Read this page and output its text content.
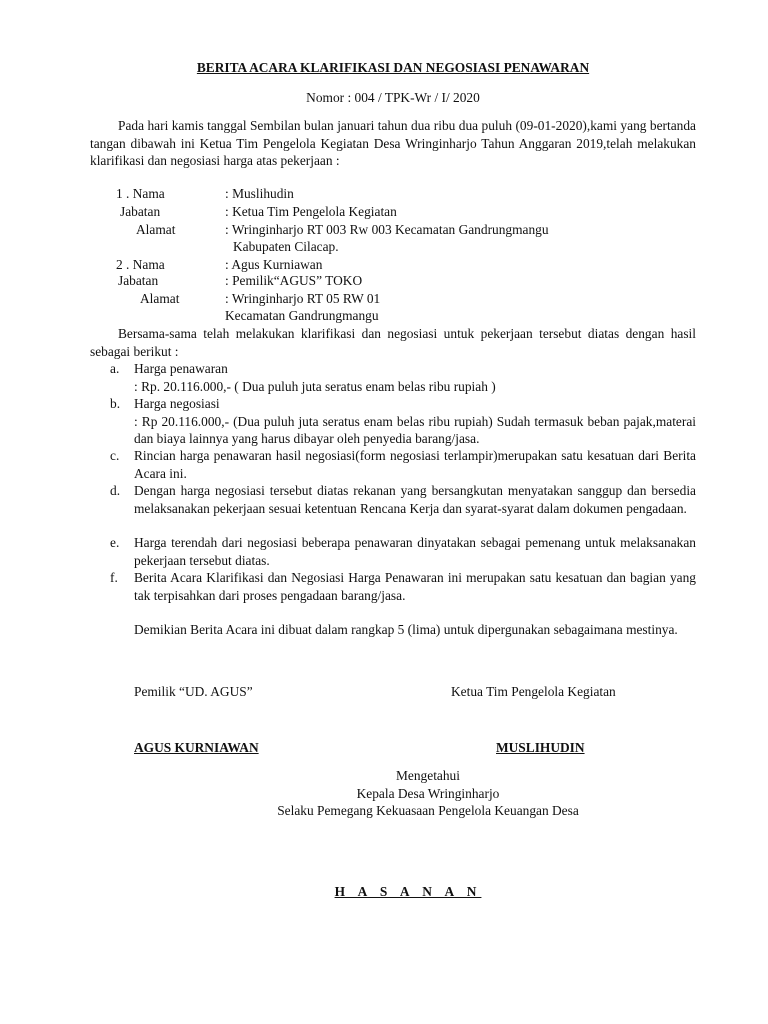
BERITA ACARA KLARIFIKASI DAN NEGOSIASI PENAWARAN
Nomor : 004 / TPK-Wr / I/ 2020

Pada hari kamis tanggal Sembilan bulan januari tahun dua ribu dua puluh (09-01-2020),kami yang bertanda tangan dibawah ini Ketua Tim Pengelola Kegiatan Desa Wringinharjo Tahun Anggaran 2019,telah melakukan klarifikasi dan negosiasi harga atas pekerjaan :

1 . Nama	: Muslihudin
Jabatan	: Ketua Tim Pengelola Kegiatan
Alamat	: Wringinharjo RT 003 Rw 003 Kecamatan Gandrungmangu
Kabupaten Cilacap.
2 . Nama	: Agus Kurniawan
Jabatan	: Pemilik“AGUS” TOKO
Alamat	: Wringinharjo RT 05 RW 01
Kecamatan Gandrungmangu

Bersama-sama telah melakukan klarifikasi dan negosiasi untuk pekerjaan tersebut diatas dengan hasil sebagai berikut :

a. Harga penawaran

: Rp. 20.116.000,- ( Dua puluh juta seratus enam belas ribu rupiah )

b. Harga negosiasi

: Rp 20.116.000,- (Dua puluh juta seratus enam belas ribu rupiah) Sudah termasuk beban pajak,materai dan biaya lainnya yang harus dibayar oleh penyedia barang/jasa.

c. Rincian harga penawaran hasil negosiasi(form negosiasi terlampir)merupakan satu kesatuan dari Berita Acara ini.

d. Dengan harga negosiasi tersebut diatas rekanan yang bersangkutan menyatakan sanggup dan bersedia melaksanakan pekerjaan sesuai ketentuan Rencana Kerja dan syarat-syarat dalam dokumen pengadaan.

e. Harga terendah dari negosiasi beberapa penawaran dinyatakan sebagai pemenang untuk melaksanakan pekerjaan tersebut diatas.

f. Berita Acara Klarifikasi dan Negosiasi Harga Penawaran ini merupakan satu kesatuan dan bagian yang tak terpisahkan dari proses pengadaan barang/jasa.

Demikian Berita Acara ini dibuat dalam rangkap 5 (lima) untuk dipergunakan sebagaimana mestinya.

Pemilik “UD. AGUS”	Ketua Tim Pengelola Kegiatan
AGUS KURNIAWAN	MUSLIHUDIN
Mengetahui
Kepala Desa Wringinharjo
Selaku Pemegang Kekuasaan Pengelola Keuangan Desa
H A S A N A N
